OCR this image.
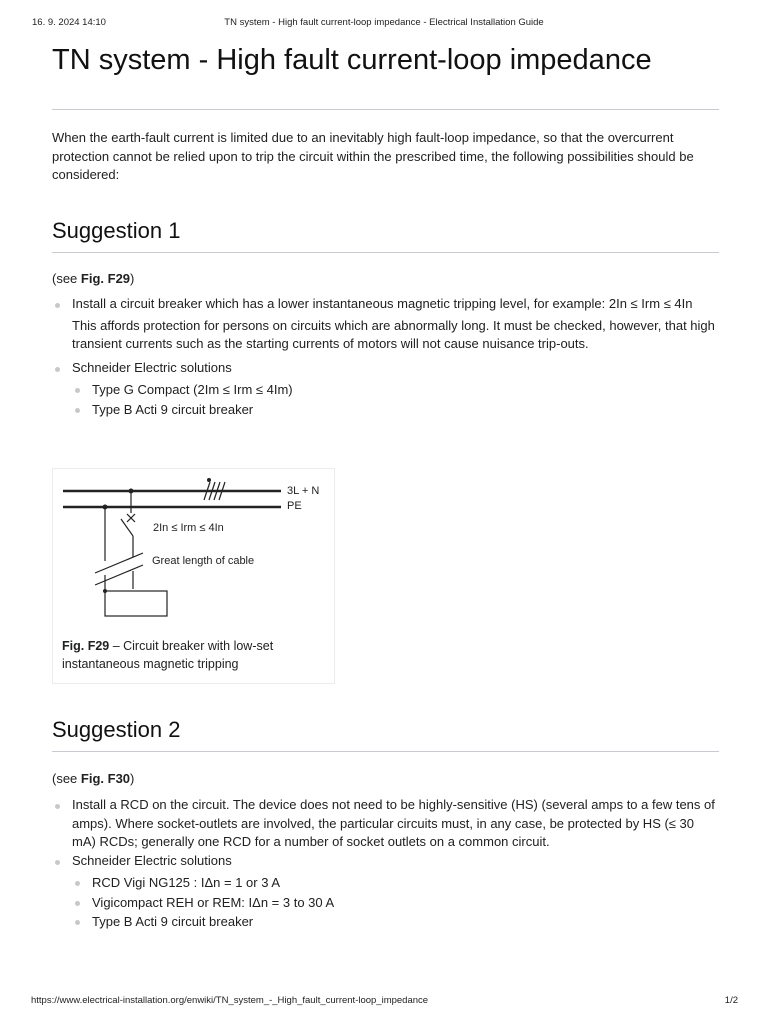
16. 9. 2024 14:10	TN system - High fault current-loop impedance - Electrical Installation Guide
TN system - High fault current-loop impedance

When the earth-fault current is limited due to an inevitably high fault-loop impedance, so that the overcurrent protection cannot be relied upon to trip the circuit within the prescribed time, the following possibilities should be considered:

Suggestion 1
(see Fig. F29)
Install a circuit breaker which has a lower instantaneous magnetic tripping level, for example: 2In ≤ Irm ≤ 4In

This affords protection for persons on circuits which are abnormally long. It must be checked, however, that high transient currents such as the starting currents of motors will not cause nuisance trip-outs.

Schneider Electric solutions
Type G Compact (2Im ≤ Irm ≤ 4Im)
Type B Acti 9 circuit breaker
3L + N
PE
2In ≤ Irm ≤ 4In
Great length of cable
Fig. F29 – Circuit breaker with low-set instantaneous magnetic tripping
Suggestion 2
(see Fig. F30)
Install a RCD on the circuit. The device does not need to be highly-sensitive (HS) (several amps to a few tens of amps). Where socket-outlets are involved, the particular circuits must, in any case, be protected by HS (≤ 30 mA) RCDs; generally one RCD for a number of socket outlets on a common circuit.
Schneider Electric solutions
RCD Vigi NG125 : IΔn = 1 or 3 A
Vigicompact REH or REM: IΔn = 3 to 30 A
Type B Acti 9 circuit breaker
https://www.electrical-installation.org/enwiki/TN_system_-_High_fault_current-loop_impedance	1/2
